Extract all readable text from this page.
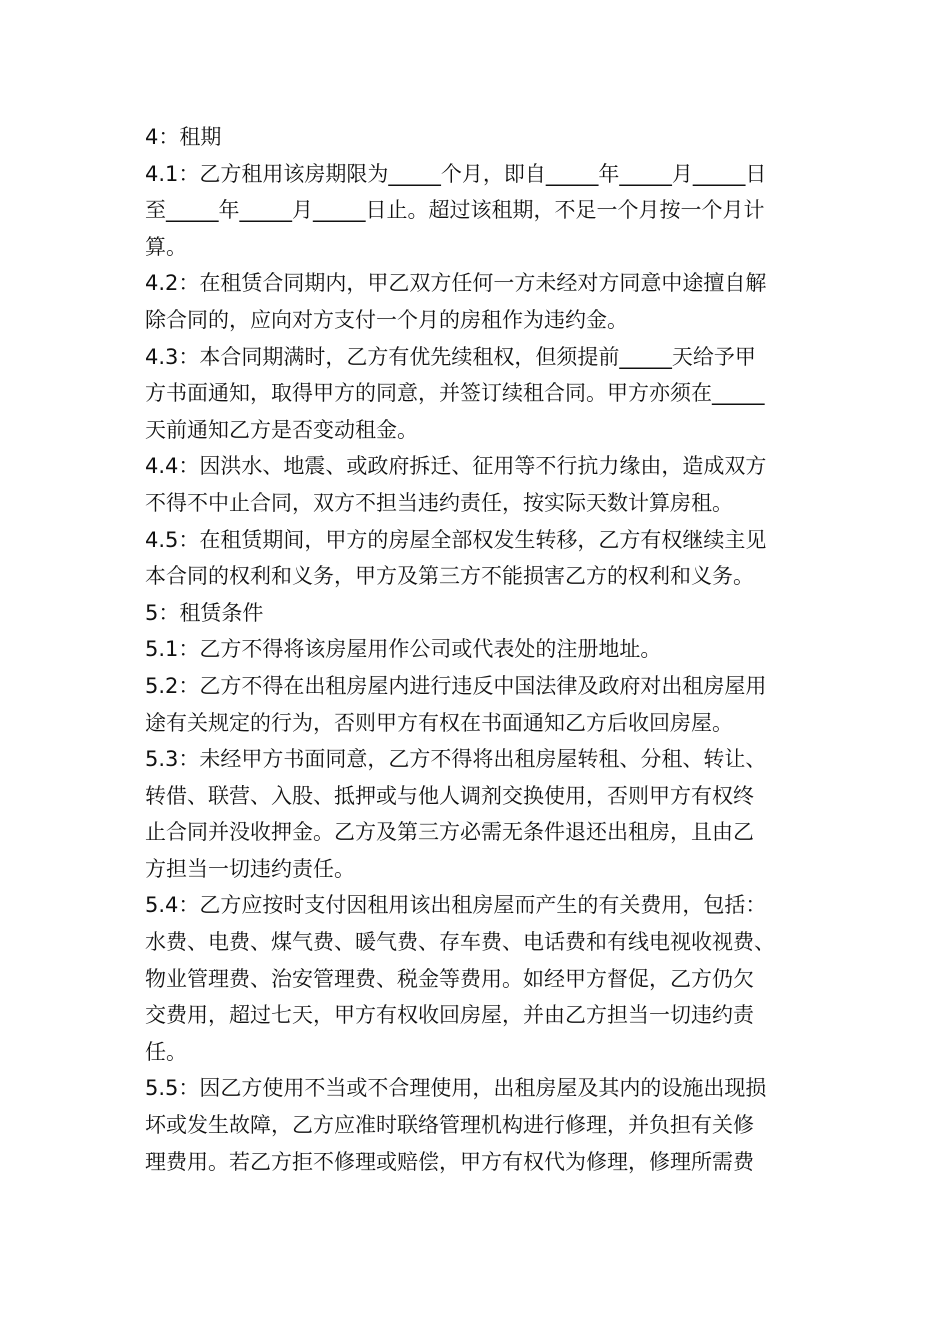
4：租期
4.1：乙方租用该房期限为_____个月，即自_____年_____月_____日
至_____年_____月_____日止。超过该租期，不足一个月按一个月计
算。
4.2：在租赁合同期内，甲乙双方任何一方未经对方同意中途擅自解
除合同的，应向对方支付一个月的房租作为违约金。
4.3：本合同期满时，乙方有优先续租权，但须提前_____天给予甲
方书面通知，取得甲方的同意，并签订续租合同。甲方亦须在_____
天前通知乙方是否变动租金。
4.4：因洪水、地震、或政府拆迁、征用等不行抗力缘由，造成双方
不得不中止合同，双方不担当违约责任，按实际天数计算房租。
4.5：在租赁期间，甲方的房屋全部权发生转移，乙方有权继续主见
本合同的权利和义务，甲方及第三方不能损害乙方的权利和义务。
5：租赁条件
5.1：乙方不得将该房屋用作公司或代表处的注册地址。
5.2：乙方不得在出租房屋内进行违反中国法律及政府对出租房屋用
途有关规定的行为，否则甲方有权在书面通知乙方后收回房屋。
5.3：未经甲方书面同意，乙方不得将出租房屋转租、分租、转让、
转借、联营、入股、抵押或与他人调剂交换使用，否则甲方有权终
止合同并没收押金。乙方及第三方必需无条件退还出租房，且由乙
方担当一切违约责任。
5.4：乙方应按时支付因租用该出租房屋而产生的有关费用，包括：
水费、电费、煤气费、暖气费、存车费、电话费和有线电视收视费、
物业管理费、治安管理费、税金等费用。如经甲方督促，乙方仍欠
交费用，超过七天，甲方有权收回房屋，并由乙方担当一切违约责
任。
5.5：因乙方使用不当或不合理使用，出租房屋及其内的设施出现损
坏或发生故障，乙方应准时联络管理机构进行修理，并负担有关修
理费用。若乙方拒不修理或赔偿，甲方有权代为修理，修理所需费
